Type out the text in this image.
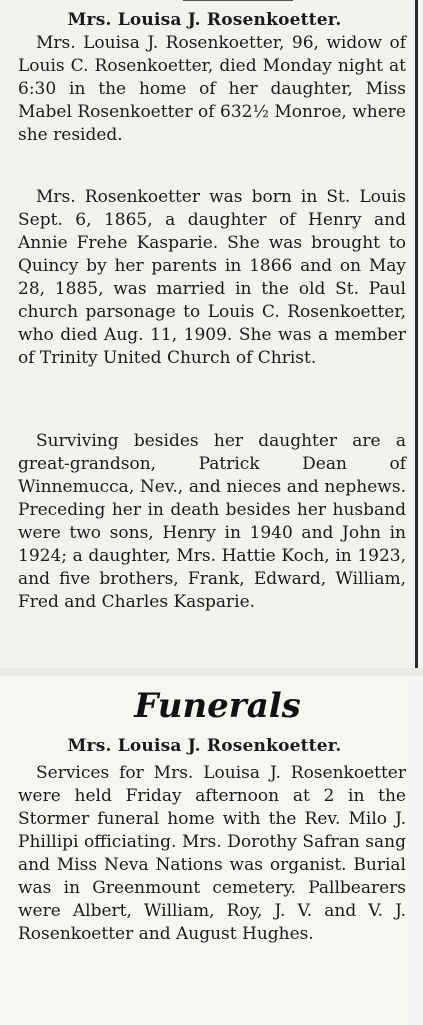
Mrs. Louisa J. Rosenkoetter.

Mrs. Louisa J. Rosenkoetter, 96, widow of Louis C. Rosenkoetter, died Monday night at 6:30 in the home of her daughter, Miss Mabel Rosenkoetter of 632½ Monroe, where she resided.

Mrs. Rosenkoetter was born in St. Louis Sept. 6, 1865, a daughter of Henry and Annie Frehe Kasparie. She was brought to Quincy by her parents in 1866 and on May 28, 1885, was married in the old St. Paul church parsonage to Louis C. Rosenkoetter, who died Aug. 11, 1909. She was a member of Trinity United Church of Christ.

Surviving besides her daughter are a great-grandson, Patrick Dean of Winnemucca, Nev., and nieces and nephews. Preceding her in death besides her husband were two sons, Henry in 1940 and John in 1924; a daughter, Mrs. Hattie Koch, in 1923, and five brothers, Frank, Edward, William, Fred and Charles Kasparie.

Funerals
Mrs. Louisa J. Rosenkoetter.

Services for Mrs. Louisa J. Rosenkoetter were held Friday afternoon at 2 in the Stormer funeral home with the Rev. Milo J. Phillipi officiating. Mrs. Dorothy Safran sang and Miss Neva Nations was organist. Burial was in Greenmount cemetery. Pallbearers were Albert, William, Roy, J. V. and V. J. Rosenkoetter and August Hughes.
